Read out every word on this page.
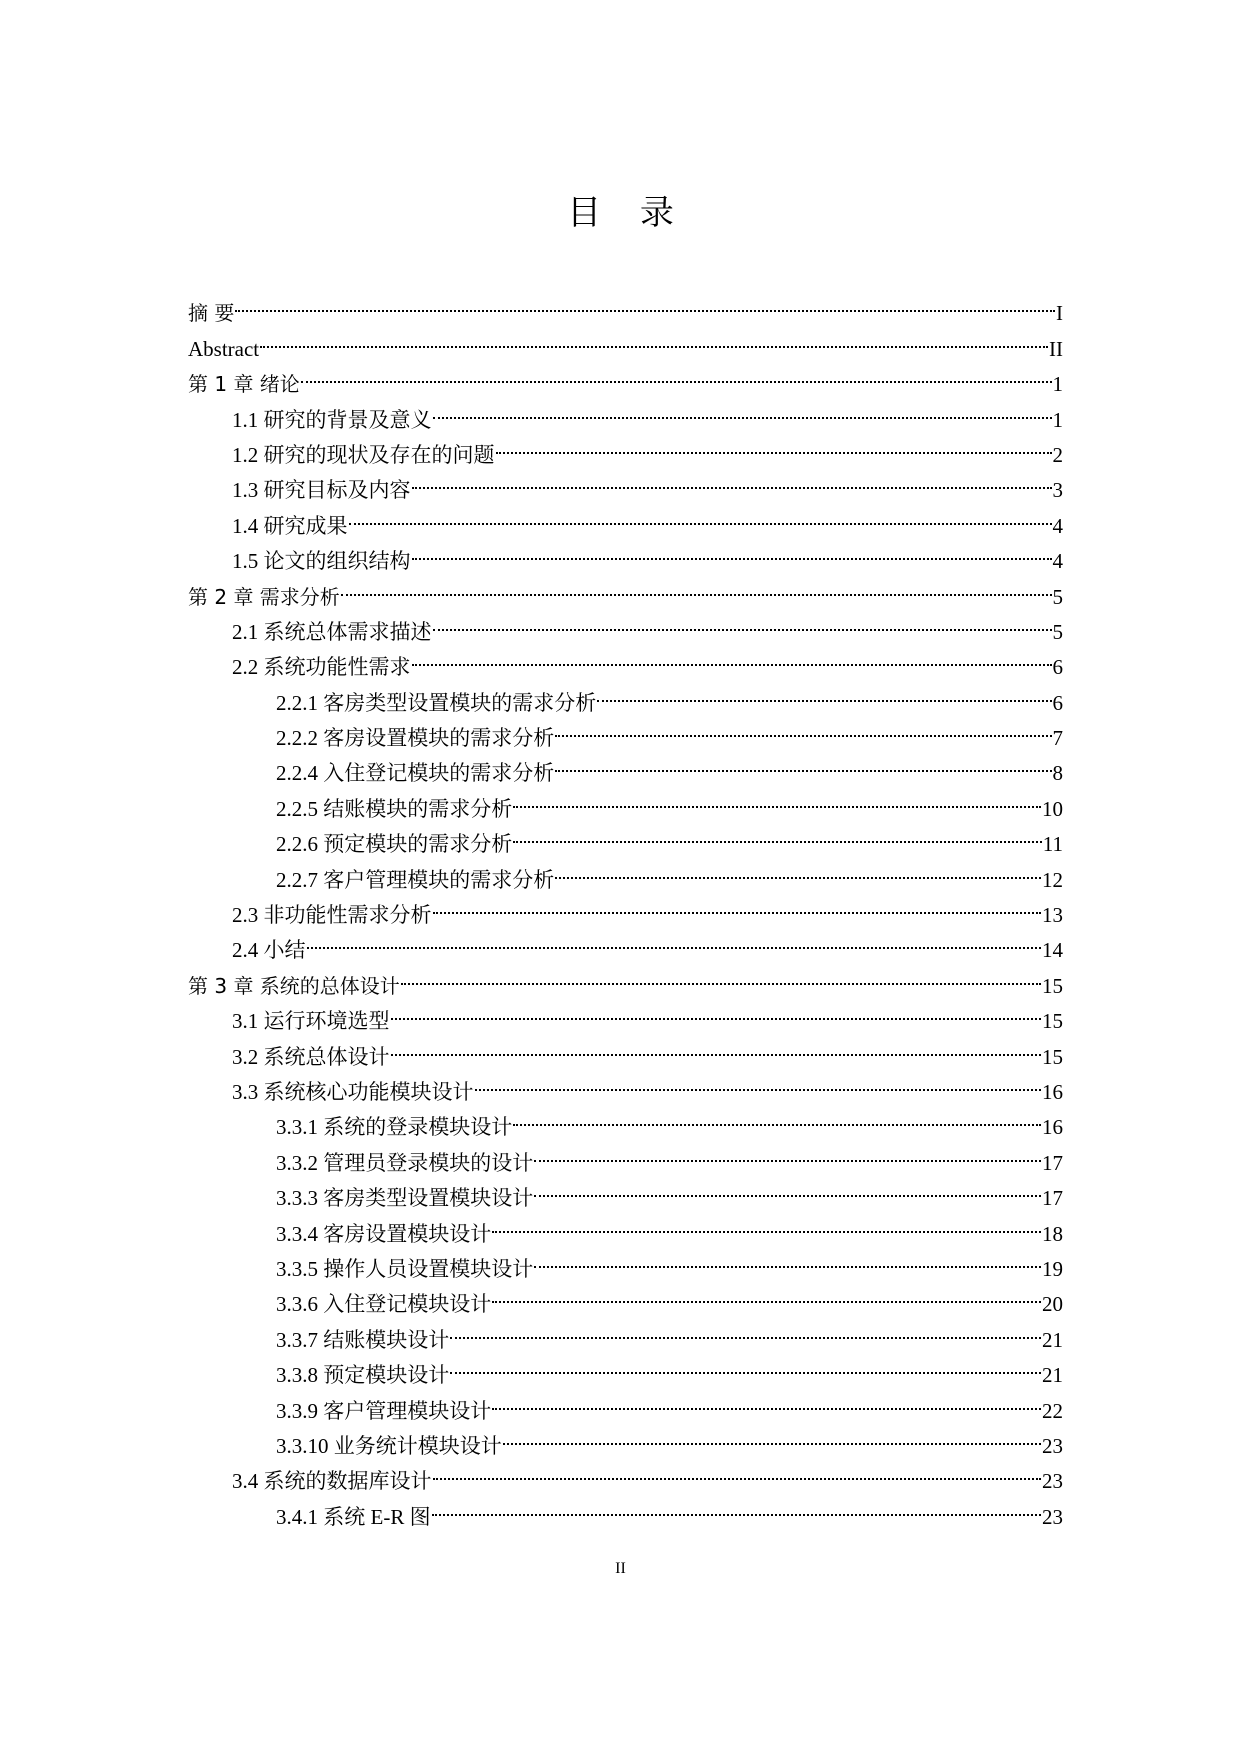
目 录
摘 要	I
Abstract	II
第 1 章 绪论	1
1.1 研究的背景及意义	1
1.2 研究的现状及存在的问题	2
1.3 研究目标及内容	3
1.4 研究成果	4
1.5 论文的组织结构	4
第 2 章 需求分析	5
2.1 系统总体需求描述	5
2.2 系统功能性需求	6
2.2.1 客房类型设置模块的需求分析	6
2.2.2 客房设置模块的需求分析	7
2.2.4 入住登记模块的需求分析	8
2.2.5 结账模块的需求分析	10
2.2.6 预定模块的需求分析	11
2.2.7 客户管理模块的需求分析	12
2.3 非功能性需求分析	13
2.4 小结	14
第 3 章 系统的总体设计	15
3.1 运行环境选型	15
3.2 系统总体设计	15
3.3 系统核心功能模块设计	16
3.3.1 系统的登录模块设计	16
3.3.2 管理员登录模块的设计	17
3.3.3 客房类型设置模块设计	17
3.3.4 客房设置模块设计	18
3.3.5 操作人员设置模块设计	19
3.3.6 入住登记模块设计	20
3.3.7 结账模块设计	21
3.3.8 预定模块设计	21
3.3.9 客户管理模块设计	22
3.3.10 业务统计模块设计	23
3.4 系统的数据库设计	23
3.4.1 系统 E-R 图	23
II
